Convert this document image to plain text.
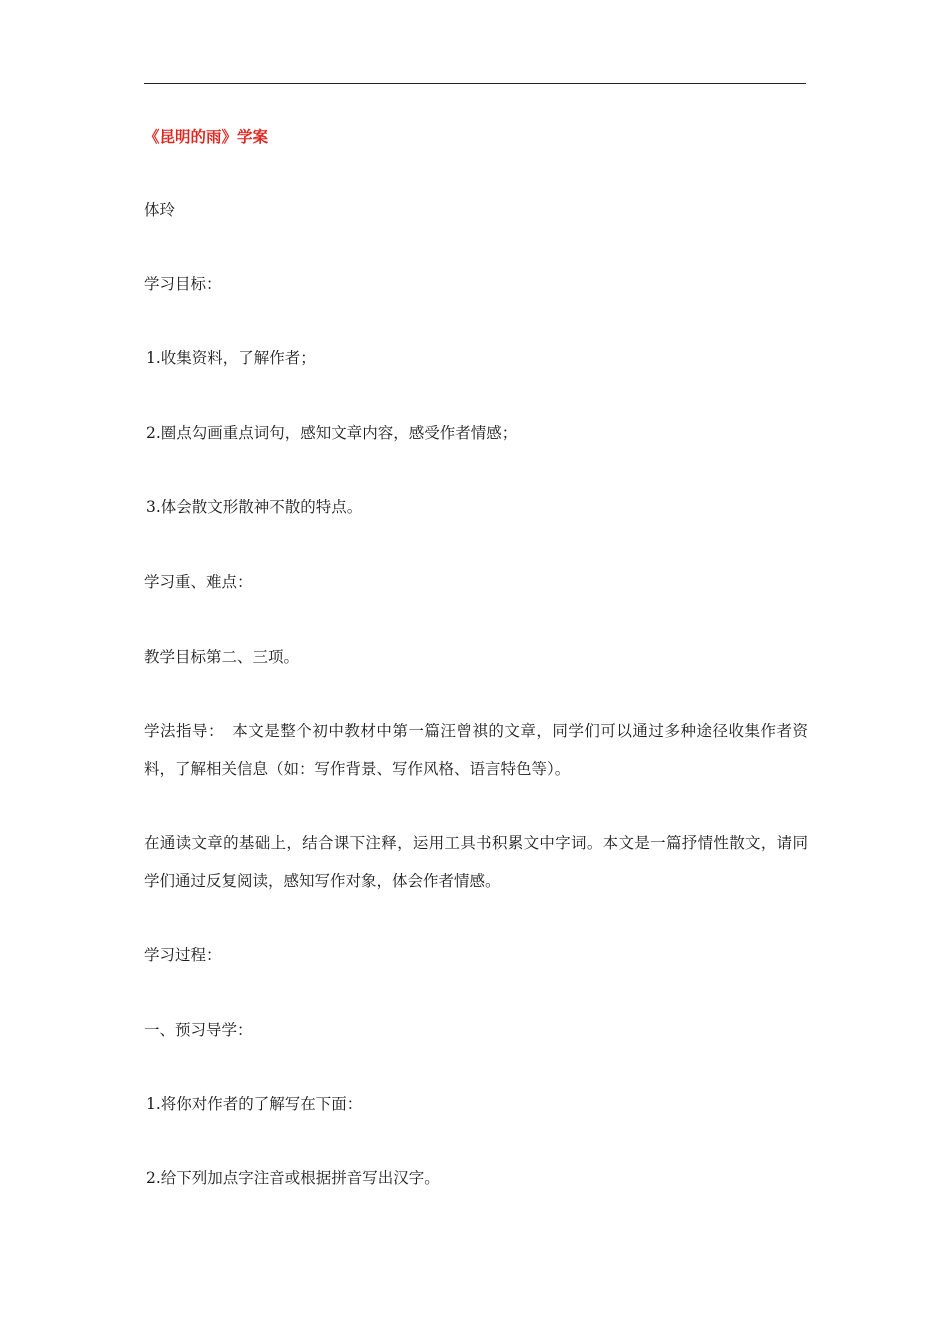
《昆明的雨》学案
体玲
学习目标：
1.收集资料，了解作者；
2.圈点勾画重点词句，感知文章内容，感受作者情感；
3.体会散文形散神不散的特点。
学习重、难点：
教学目标第二、三项。
学法指导：　本文是整个初中教材中第一篇汪曾祺的文章，同学们可以通过多种途径收集作者资料，了解相关信息（如：写作背景、写作风格、语言特色等）。
在通读文章的基础上，结合课下注释，运用工具书积累文中字词。本文是一篇抒情性散文，请同学们通过反复阅读，感知写作对象，体会作者情感。
学习过程：
一、预习导学：
1.将你对作者的了解写在下面：
2.给下列加点字注音或根据拼音写出汉字。
